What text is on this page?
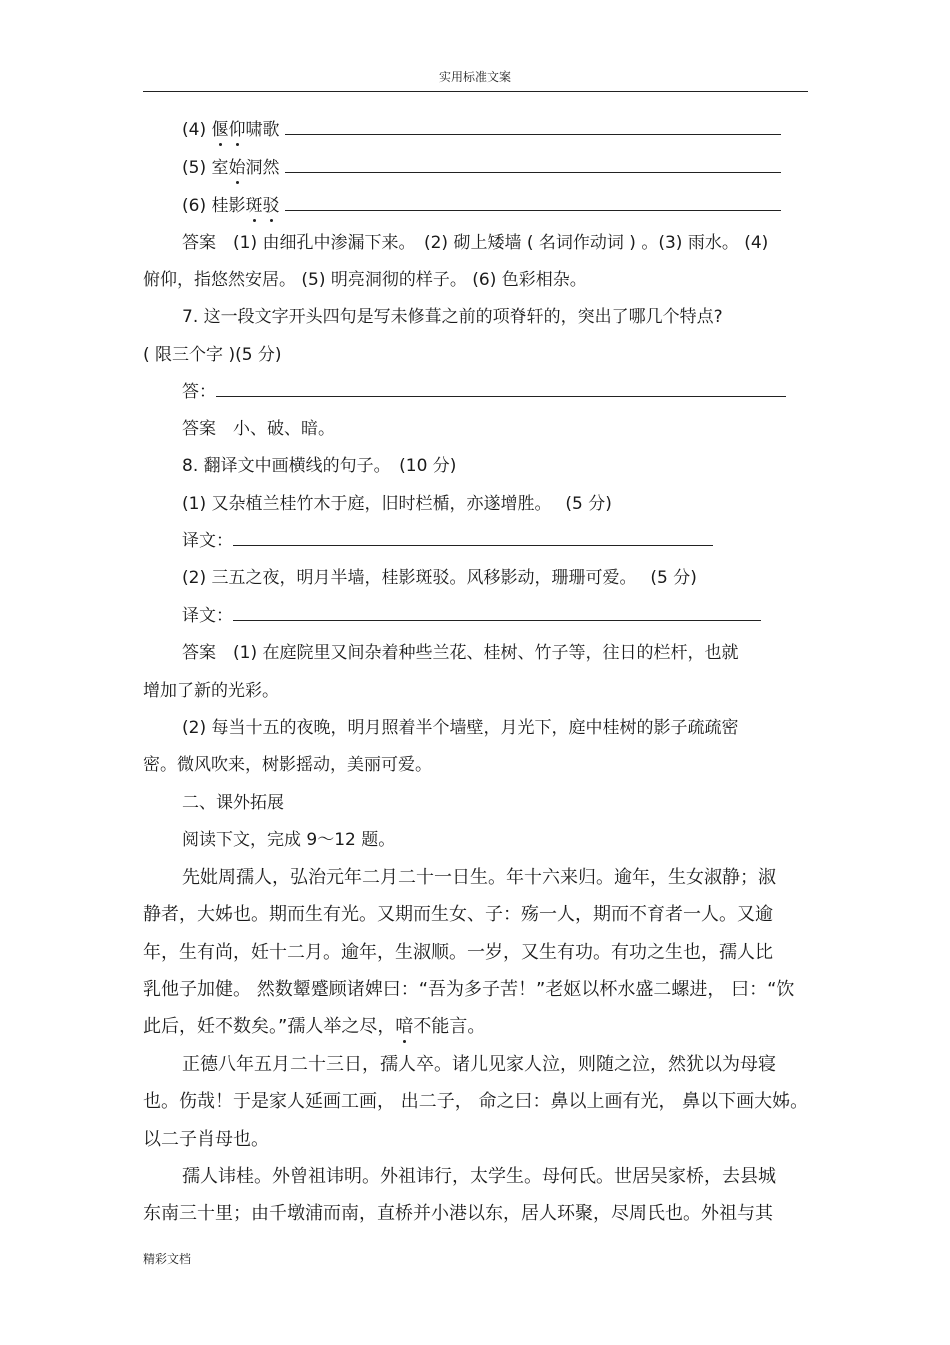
实用标准文案
(4) 偃仰啸歌
(5) 室始洞然
(6) 桂影斑驳
答案　(1) 由细孔中渗漏下来。　(2) 砌上矮墙 ( 名词作动词 ) 。(3) 雨水。 (4)
俯仰，指悠然安居。 (5) 明亮洞彻的样子。 (6) 色彩相杂。
7. 这一段文字开头四句是写未修葺之前的项脊轩的，突出了哪几个特点?
( 限三个字 )(5 分)
答：
答案　小、破、暗。
8. 翻译文中画横线的句子。　(10 分)
(1) 又杂植兰桂竹木于庭，旧时栏楯，亦遂增胜。　 (5 分)
译文：
(2) 三五之夜，明月半墙，桂影斑驳。风移影动，珊珊可爱。　 (5 分)
译文：
答案　(1) 在庭院里又间杂着种些兰花、桂树、竹子等，往日的栏杆，也就
增加了新的光彩。
(2) 每当十五的夜晚，明月照着半个墙壁，月光下，庭中桂树的影子疏疏密
密。微风吹来，树影摇动，美丽可爱。
二、课外拓展
阅读下文，完成 9～12 题。
先妣周孺人，弘治元年二月二十一日生。年十六来归。逾年，生女淑静；淑
静者，大姊也。期而生有光。又期而生女、子：殇一人，期而不育者一人。又逾
年，生有尚，妊十二月。逾年，生淑顺。一岁，又生有功。有功之生也，孺人比
乳他子加健。 然数颦蹙顾诸婢曰：“吾为多子苦！”老妪以杯水盛二螺进， 曰：“饮
此后，妊不数矣。”孺人举之尽，喑不能言。
正德八年五月二十三日，孺人卒。诸儿见家人泣，则随之泣，然犹以为母寝
也。伤哉！于是家人延画工画， 出二子， 命之曰：鼻以上画有光， 鼻以下画大姊。
以二子肖母也。
孺人讳桂。外曾祖讳明。外祖讳行，太学生。母何氏。世居吴家桥，去县城
东南三十里；由千墩浦而南，直桥并小港以东，居人环聚，尽周氏也。外祖与其
精彩文档
